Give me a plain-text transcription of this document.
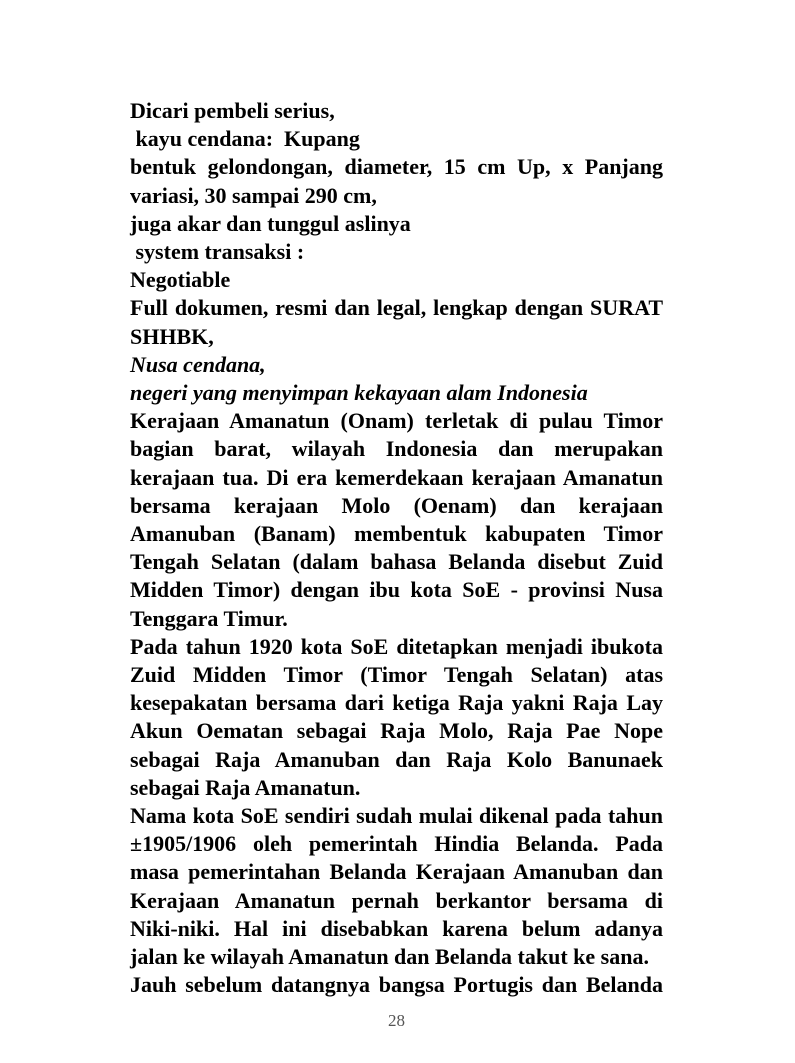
Dicari pembeli serius,
kayu cendana:  Kupang
bentuk gelondongan, diameter, 15 cm Up, x Panjang
variasi, 30 sampai 290 cm,
juga akar dan tunggul aslinya
system transaksi :
Negotiable
Full dokumen, resmi dan legal, lengkap dengan SURAT
SHHBK,
Nusa cendana,
negeri yang menyimpan kekayaan alam Indonesia
Kerajaan Amanatun (Onam) terletak di pulau Timor
bagian barat, wilayah Indonesia dan merupakan
kerajaan tua. Di era kemerdekaan kerajaan Amanatun
bersama kerajaan Molo (Oenam) dan kerajaan
Amanuban (Banam) membentuk kabupaten Timor
Tengah Selatan (dalam bahasa Belanda disebut Zuid
Midden Timor) dengan ibu kota SoE - provinsi Nusa
Tenggara Timur.
Pada tahun 1920 kota SoE ditetapkan menjadi ibukota
Zuid Midden Timor (Timor Tengah Selatan) atas
kesepakatan bersama dari ketiga Raja yakni Raja Lay
Akun Oematan sebagai Raja Molo, Raja Pae Nope
sebagai Raja Amanuban dan Raja Kolo Banunaek
sebagai Raja Amanatun.
Nama kota SoE sendiri sudah mulai dikenal pada tahun
±1905/1906 oleh pemerintah Hindia Belanda. Pada
masa pemerintahan Belanda Kerajaan Amanuban dan
Kerajaan Amanatun pernah berkantor bersama di
Niki-niki. Hal ini disebabkan karena belum adanya
jalan ke wilayah Amanatun dan Belanda takut ke sana.
Jauh sebelum datangnya bangsa Portugis dan Belanda
28
